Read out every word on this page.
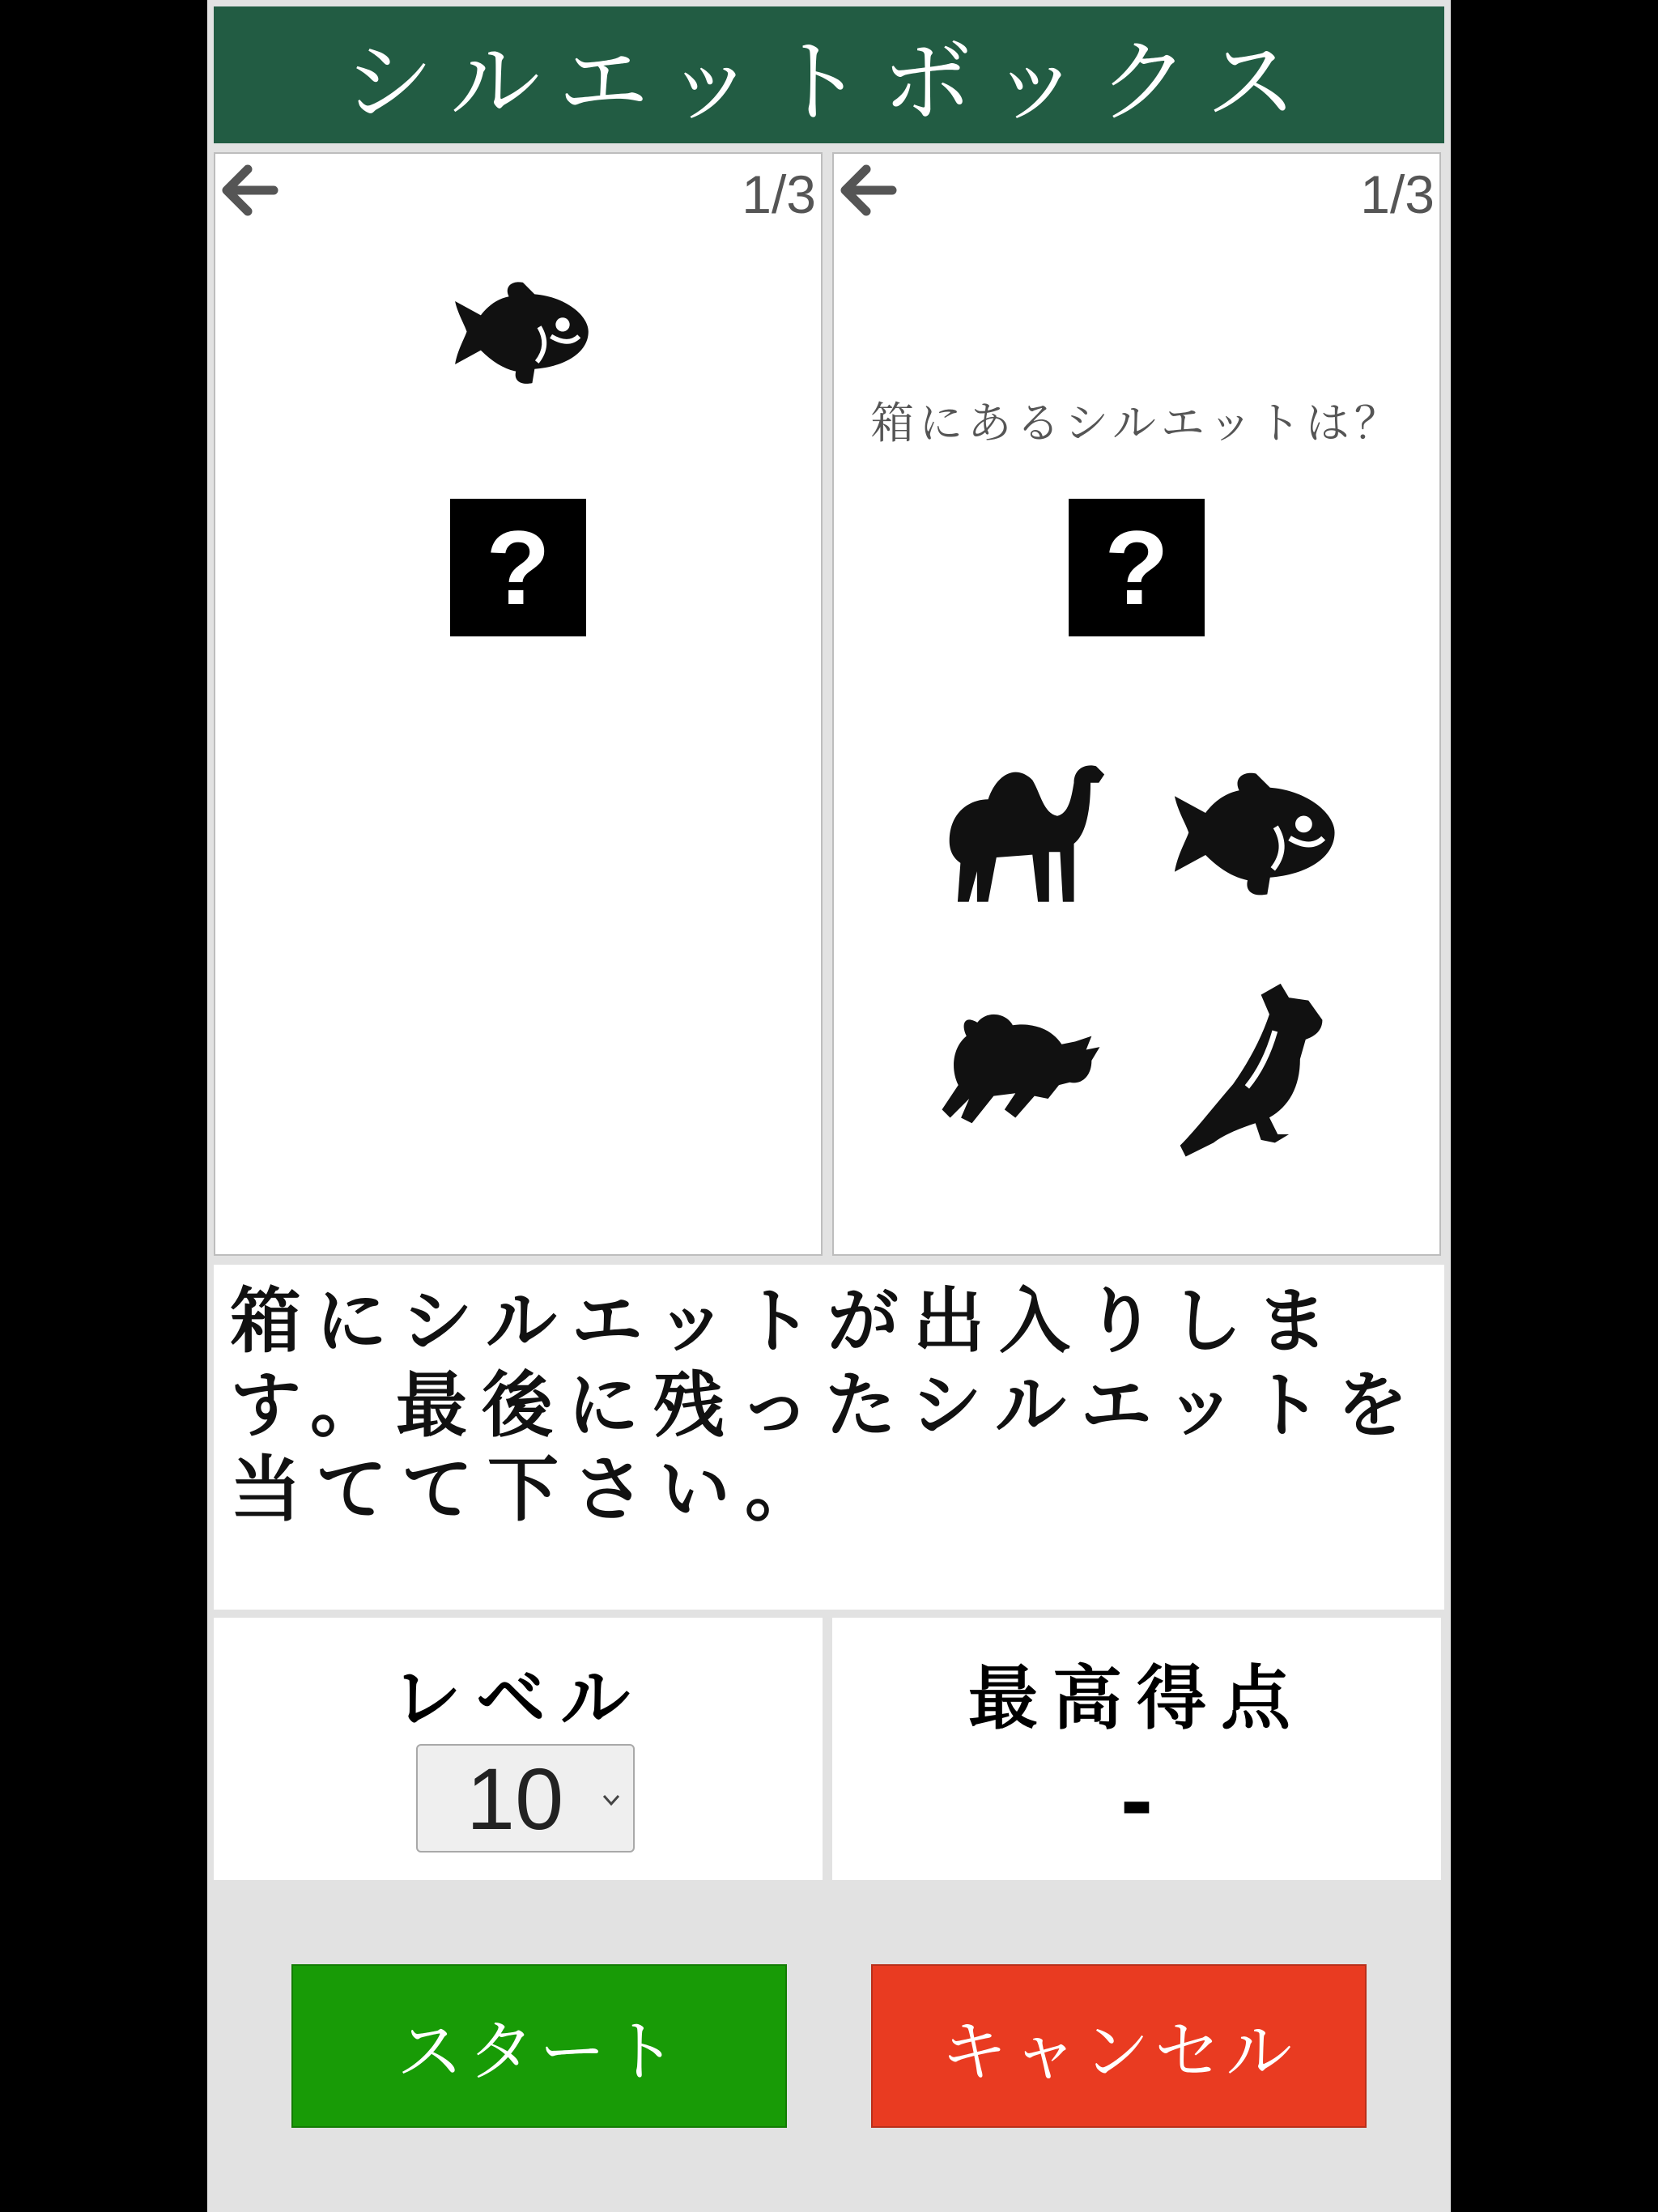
シルエットボックス
1/3
?
1/3
箱にあるシルエットは？
?
箱にシルエットが出入りします。最後に残ったシルエットを当てて下さい。
レベル
10
最高得点
-
スタート	キャンセル
